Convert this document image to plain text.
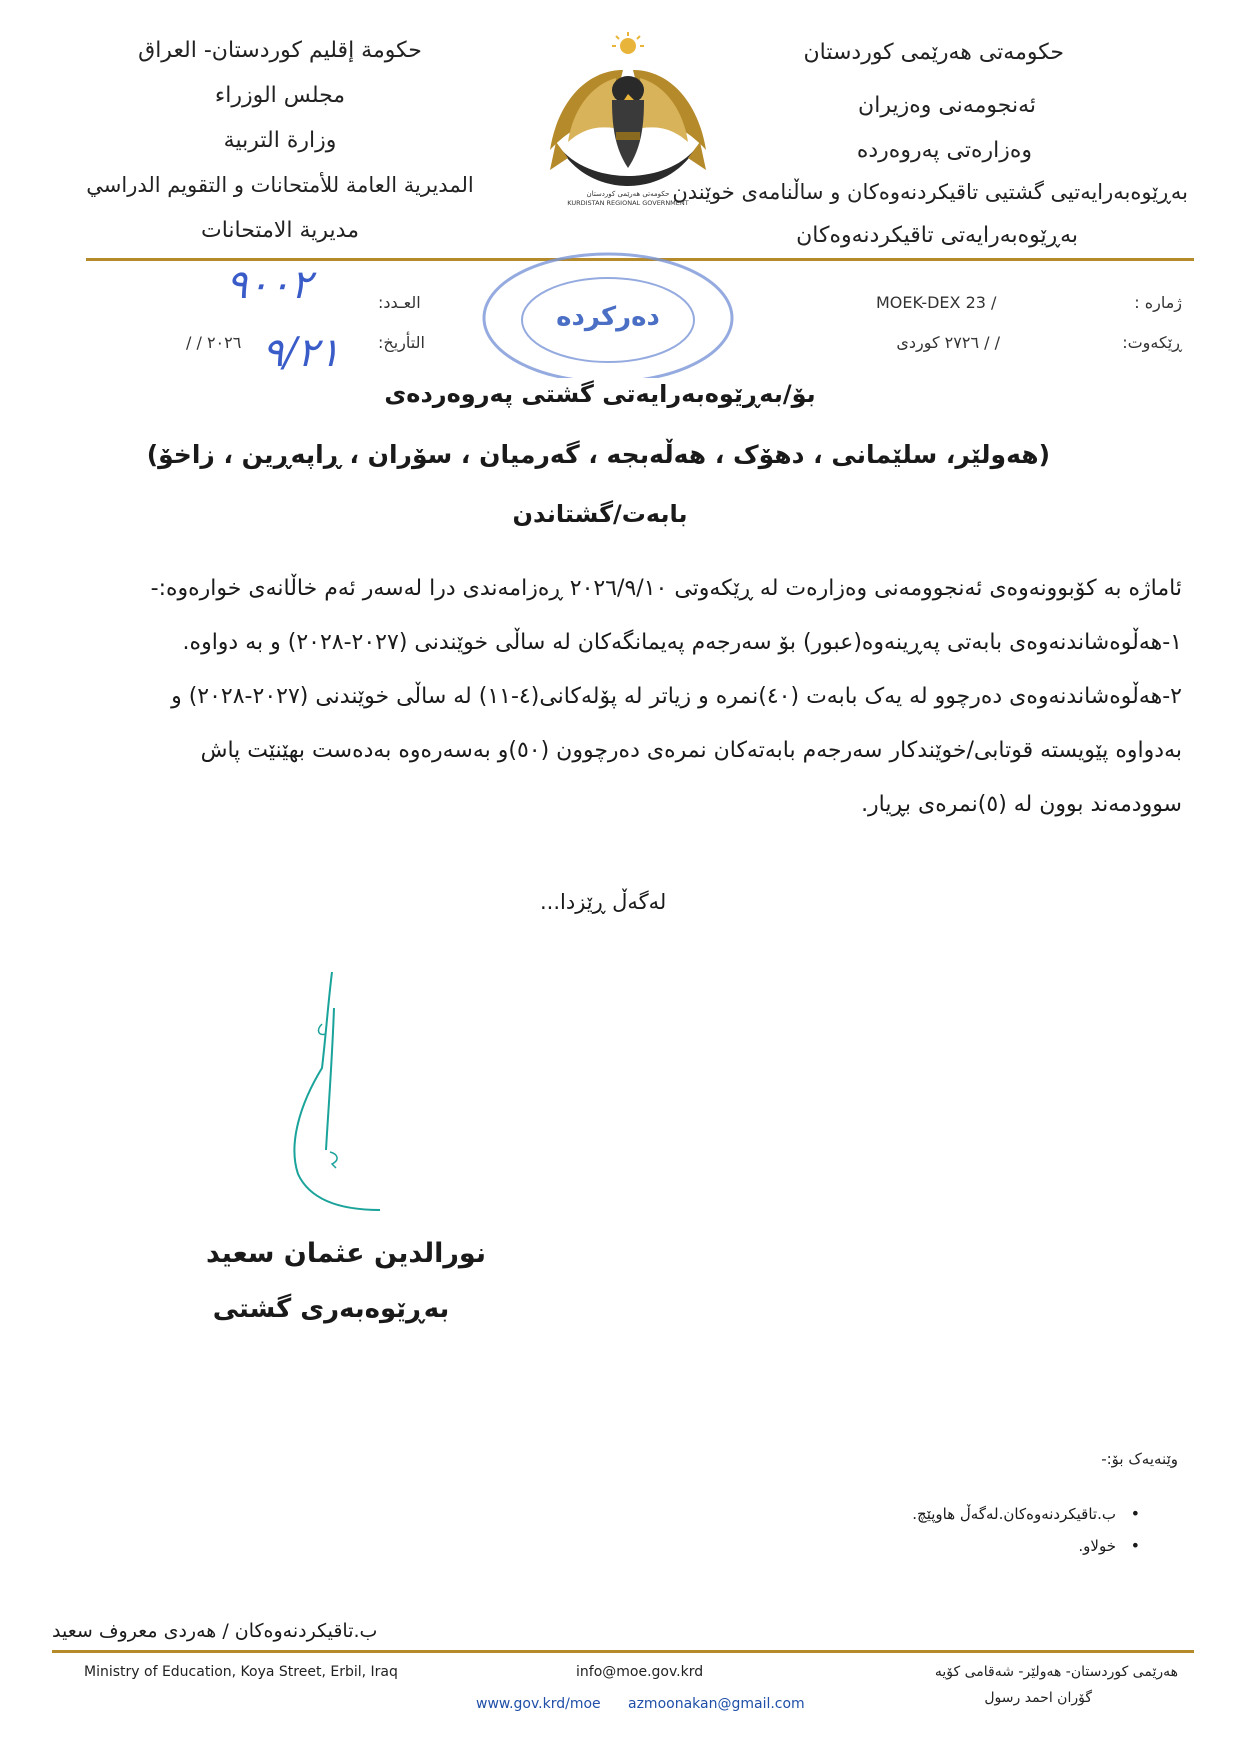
حکومەتی هەرێمی کوردستان
ئەنجومەنی وەزیران
وەزارەتی پەروەردە
بەڕێوەبەرایەتیی گشتیی تاقیکردنەوەکان و ساڵنامەی خوێندن
بەڕێوەبەرایەتی تاقیکردنەوەکان
حكومة إقليم كوردستان- العراق
مجلس الوزراء
وزارة التربية
المديرية العامة للأمتحانات و التقويم الدراسي
مديرية الامتحانات
حکومەتی هەرێمی کوردستان
KURDISTAN REGIONAL GOVERNMENT
ژمارە :
MOEK-DEX 23 /
ڕێکەوت:
/ / ٢٧٢٦ كوردی
العـدد:
التأريخ:
/ / ٢٠٢٦
٩٠٠٢
٩/٢١
دەرکردە
بۆ/بەڕێوەبەرایەتی گشتی پەروەردەی
(هەولێر، سلێمانی ، دهۆک ، هەڵەبجە ، گەرمیان ، سۆران ، ڕاپەڕین ، زاخۆ)
بابەت/گشتاندن
ئاماژە بە کۆبوونەوەی ئەنجوومەنی وەزارەت لە ڕێکەوتی ٢٠٢٦/٩/١٠ ڕەزامەندی درا لەسەر ئەم خاڵانەی خوارەوە:-
١-هەڵوەشاندنەوەی بابەتی پەڕینەوە(عبور) بۆ سەرجەم پەیمانگەکان لە ساڵی خوێندنی (٢٠٢٧-٢٠٢٨) و بە دواوە.
٢-هەڵوەشاندنەوەی دەرچوو لە یەک بابەت (٤٠)نمرە و زیاتر لە پۆلەکانی(٤-١١) لە ساڵی خوێندنی (٢٠٢٧-٢٠٢٨) و
بەدواوە پێویستە قوتابی/خوێندکار سەرجەم بابەتەکان نمرەی دەرچوون (٥٠)و بەسەرەوە بەدەست بهێنێت پاش
سوودمەند بوون لە (٥)نمرەی بڕیار.
لەگەڵ ڕێزدا...
نورالدين عثمان سعيد
بەڕێوەبەری گشتی
وێنەیەک بۆ:-
ب.تاقیکردنەوەکان.لەگەڵ هاوپێچ. •
خولاو. •
ب.تاقیکردنەوەکان / هەردی معروف سعيد
Ministry of Education, Koya Street, Erbil, Iraq	info@moe.gov.krd
www.gov.krd/moe azmoonakan@gmail.com
هەرێمی کوردستان- هەولێر- شەقامی کۆیە
گۆران احمد رسول
